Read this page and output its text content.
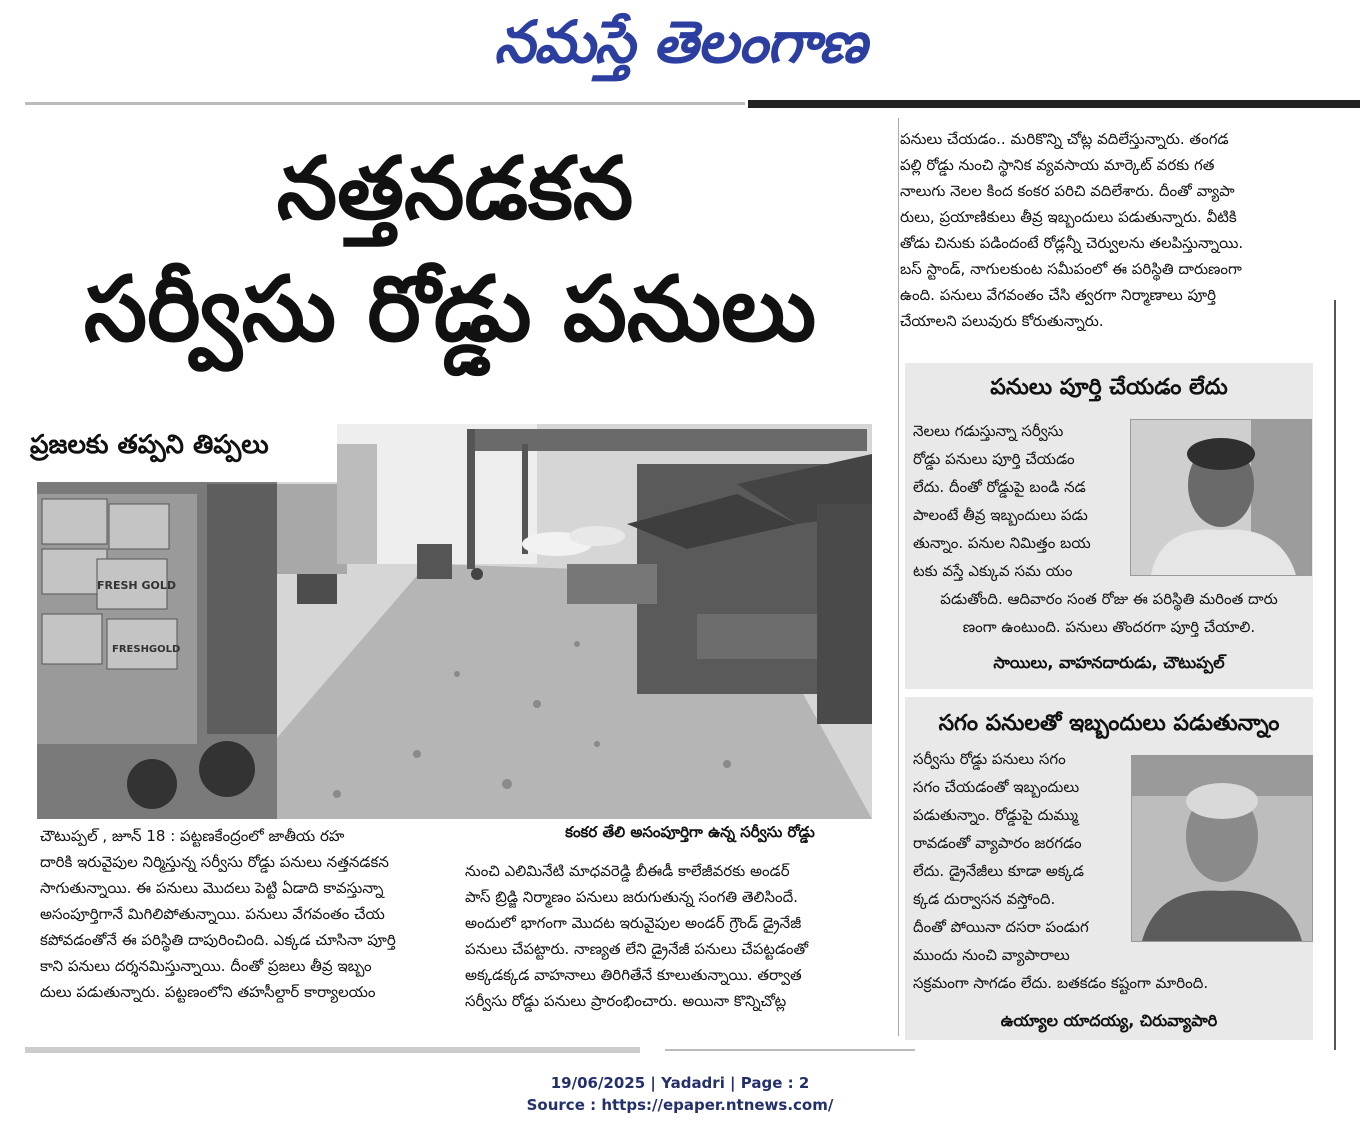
నమస్తే తెలంగాణ
నత్తనడకన
సర్వీసు రోడ్డు పనులు
FRESH GOLD
FRESHGOLD
ప్రజలకు తప్పని తిప్పలు
చౌటుప్పల్ , జూన్ 18 : పట్టణకేంద్రంలో జాతీయ రహ
దారికి ఇరువైపుల నిర్మిస్తున్న సర్వీసు రోడ్డు పనులు నత్తనడకన
సాగుతున్నాయి. ఈ పనులు మొదలు పెట్టి ఏడాది కావస్తున్నా
అసంపూర్తిగానే మిగిలిపోతున్నాయి. పనులు వేగవంతం చేయ
కపోవడంతోనే ఈ పరిస్థితి దాపురించింది. ఎక్కడ చూసినా పూర్తి
కాని పనులు దర్శనమిస్తున్నాయి. దీంతో ప్రజలు తీవ్ర ఇబ్బం
దులు పడుతున్నారు. పట్టణంలోని తహసీల్దార్ కార్యాలయం
కంకర తేలి అసంపూర్తిగా ఉన్న సర్వీసు రోడ్డు
నుంచి ఎలిమినేటి మాధవరెడ్డి బీఈడీ కాలేజీవరకు అండర్
పాస్ బ్రిడ్జి నిర్మాణం పనులు జరుగుతున్న సంగతి తెలిసిందే.
అందులో భాగంగా మొదట ఇరువైపుల అండర్ గ్రౌండ్ డ్రైనేజీ
పనులు చేపట్టారు. నాణ్యత లేని డ్రైనేజీ పనులు చేపట్టడంతో
అక్కడక్కడ వాహనాలు తిరిగితేనే కూలుతున్నాయి. తర్వాత
సర్వీసు రోడ్డు పనులు ప్రారంభించారు. అయినా కొన్నిచోట్ల
పనులు చేయడం.. మరికొన్ని చోట్ల వదిలేస్తున్నారు. తంగడ
పల్లి రోడ్డు నుంచి స్థానిక వ్యవసాయ మార్కెట్ వరకు గత
నాలుగు నెలల కింద కంకర పరిచి వదిలేశారు. దీంతో వ్యాపా
రులు, ప్రయాణికులు తీవ్ర ఇబ్బందులు పడుతున్నారు. వీటికి
తోడు చినుకు పడిందంటే రోడ్లన్నీ చెర్వులను తలపిస్తున్నాయి.
బస్ స్టాండ్, నాగులకుంట సమీపంలో ఈ పరిస్థితి దారుణంగా
ఉంది. పనులు వేగవంతం చేసి త్వరగా నిర్మాణాలు పూర్తి
చేయాలని పలువురు కోరుతున్నారు.
పనులు పూర్తి చేయడం లేదు
నెలలు గడుస్తున్నా సర్వీసు
రోడ్డు పనులు పూర్తి చేయడం
లేదు. దీంతో రోడ్డుపై బండి నడ
పాలంటే తీవ్ర ఇబ్బందులు పడు
తున్నాం. పనుల నిమిత్తం బయ
టకు వస్తే ఎక్కువ సమ యం
పడుతోంది. ఆదివారం సంత రోజు ఈ పరిస్థితి మరింత దారు
ణంగా ఉంటుంది. పనులు తొందరగా పూర్తి చేయాలి.
సాయిలు, వాహనదారుడు, చౌటుప్పల్
సగం పనులతో ఇబ్బందులు పడుతున్నాం
సర్వీసు రోడ్డు పనులు సగం
సగం చేయడంతో ఇబ్బందులు
పడుతున్నాం. రోడ్డుపై దుమ్ము
రావడంతో వ్యాపారం జరగడం
లేదు. డ్రైనేజీలు కూడా అక్కడ
క్కడ దుర్వాసన వస్తోంది.
దీంతో పోయినా దసరా పండుగ
ముందు నుంచి వ్యాపారాలు
సక్రమంగా సాగడం లేదు. బతకడం కష్టంగా మారింది.
ఉయ్యాల యాదయ్య, చిరువ్యాపారి
19/06/2025 | Yadadri | Page : 2
Source : https://epaper.ntnews.com/
